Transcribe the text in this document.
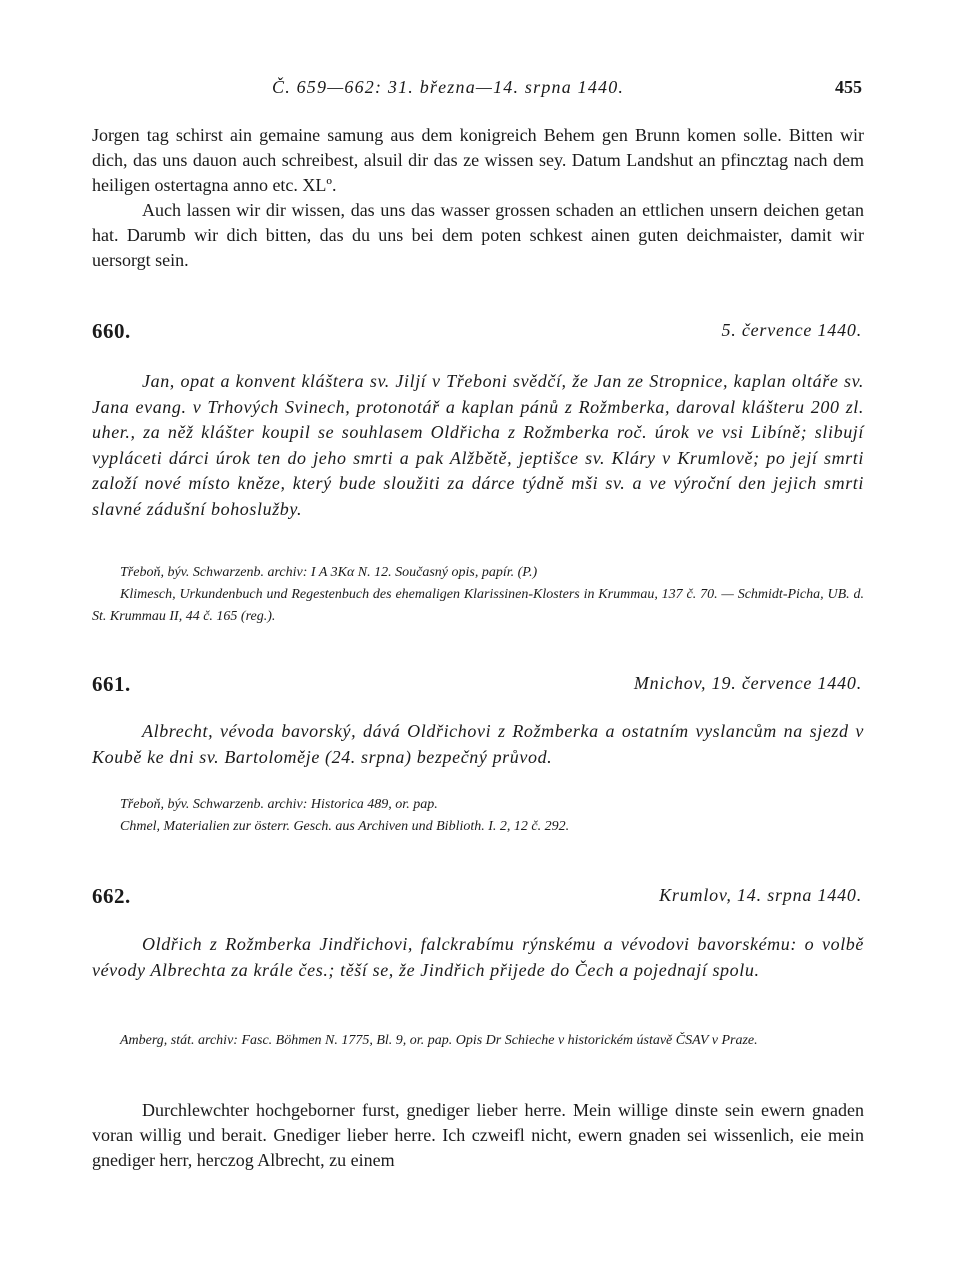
Č. 659—662: 31. března—14. srpna 1440.	455

Jorgen tag schirst ain gemaine samung aus dem konigreich Behem gen Brunn komen solle. Bitten wir dich, das uns dauon auch schreibest, alsuil dir das ze wissen sey. Datum Landshut an pfincztag nach dem heiligen ostertagna anno etc. XLº.

Auch lassen wir dir wissen, das uns das wasser grossen schaden an ettlichen unsern deichen getan hat. Darumb wir dich bitten, das du uns bei dem poten schkest ainen guten deichmaister, damit wir uersorgt sein.

660.	5. července 1440.

Jan, opat a konvent kláštera sv. Jiljí v Třeboni svědčí, že Jan ze Stropnice, kaplan oltáře sv. Jana evang. v Trhových Svinech, protonotář a kaplan pánů z Rožmberka, daroval klášteru 200 zl. uher., za něž klášter koupil se souhlasem Oldřicha z Rožmberka roč. úrok ve vsi Libíně; slibují vypláceti dárci úrok ten do jeho smrti a pak Alžbětě, jeptišce sv. Kláry v Krumlově; po její smrti založí nové místo kněze, který bude sloužiti za dárce týdně mši sv. a ve výroční den jejich smrti slavné zádušní bohoslužby.

Třeboň, býv. Schwarzenb. archiv: I A 3Kα N. 12. Současný opis, papír. (P.)
Klimesch, Urkundenbuch und Regestenbuch des ehemaligen Klarissinen-Klosters in Krummau, 137 č. 70. — Schmidt-Picha, UB. d. St. Krummau II, 44 č. 165 (reg.).

661.	Mnichov, 19. července 1440.

Albrecht, vévoda bavorský, dává Oldřichovi z Rožmberka a ostatním vyslancům na sjezd v Koubě ke dni sv. Bartoloměje (24. srpna) bezpečný průvod.

Třeboň, býv. Schwarzenb. archiv: Historica 489, or. pap.
Chmel, Materialien zur österr. Gesch. aus Archiven und Biblioth. I. 2, 12 č. 292.

662.	Krumlov, 14. srpna 1440.

Oldřich z Rožmberka Jindřichovi, falckrabímu rýnskému a vévodovi bavorskému: o volbě vévody Albrechta za krále čes.; těší se, že Jindřich přijede do Čech a pojednají spolu.

Amberg, stát. archiv: Fasc. Böhmen N. 1775, Bl. 9, or. pap. Opis Dr Schieche v historickém ústavě ČSAV v Praze.

Durchlewchter hochgeborner furst, gnediger lieber herre. Mein willige dinste sein ewern gnaden voran willig und berait. Gnediger lieber herre. Ich czweifl nicht, ewern gnaden sei wissenlich, eie mein gnediger herr, herczog Albrecht, zu einem
